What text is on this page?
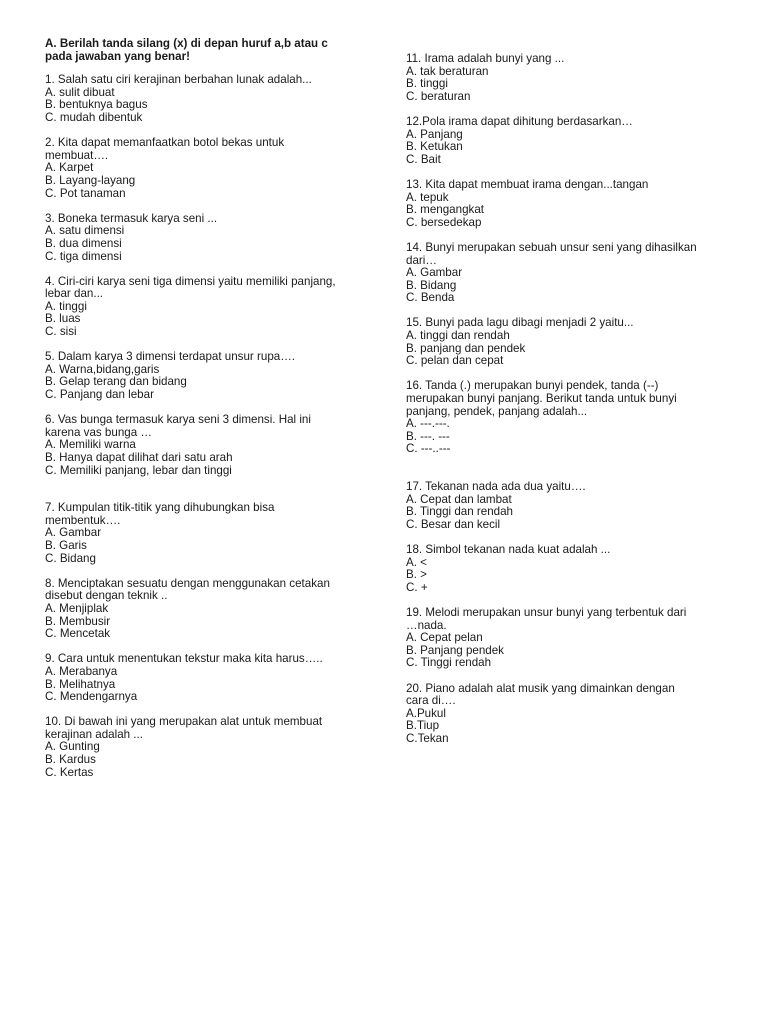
A. Berilah tanda silang (x) di depan huruf a,b atau c
pada jawaban yang benar!
1. Salah satu ciri kerajinan berbahan lunak adalah...
A. sulit dibuat
B. bentuknya bagus
C. mudah dibentuk
2. Kita dapat memanfaatkan botol bekas untuk
membuat….
A. Karpet
B. Layang-layang
C. Pot tanaman
3. Boneka termasuk karya seni ...
A. satu dimensi
B. dua dimensi
C. tiga dimensi
4. Ciri-ciri karya seni tiga dimensi yaitu memiliki panjang,
lebar dan...
A. tinggi
B. luas
C. sisi
5. Dalam karya 3 dimensi terdapat unsur rupa….
A. Warna,bidang,garis
B. Gelap terang dan bidang
C. Panjang dan lebar
6. Vas bunga termasuk karya seni 3 dimensi. Hal ini
karena vas bunga …
A. Memiliki warna
B. Hanya dapat dilihat dari satu arah
C. Memiliki panjang, lebar dan tinggi
7. Kumpulan titik-titik yang dihubungkan bisa
membentuk….
A. Gambar
B. Garis
C. Bidang
8. Menciptakan sesuatu dengan menggunakan cetakan
disebut dengan teknik ..
A. Menjiplak
B. Membusir
C. Mencetak
9. Cara untuk menentukan tekstur maka kita harus…..
A. Merabanya
B. Melihatnya
C. Mendengarnya
10. Di bawah ini yang merupakan alat untuk membuat
kerajinan adalah ...
A. Gunting
B. Kardus
C. Kertas
11. Irama adalah bunyi yang ...
A. tak beraturan
B. tinggi
C. beraturan
12.Pola irama dapat dihitung berdasarkan…
A. Panjang
B. Ketukan
C. Bait
13. Kita dapat membuat irama dengan...tangan
A. tepuk
B. mengangkat
C. bersedekap
14. Bunyi merupakan sebuah unsur seni yang dihasilkan
dari…
A. Gambar
B. Bidang
C. Benda
15. Bunyi pada lagu dibagi menjadi 2 yaitu...
A. tinggi dan rendah
B. panjang dan pendek
C. pelan dan cepat
16. Tanda (.) merupakan bunyi pendek, tanda (--)
merupakan bunyi panjang. Berikut tanda untuk bunyi
panjang, pendek, panjang adalah...
A. ---.---.
B. ---. ---
C. ---..---
17. Tekanan nada ada dua yaitu….
A. Cepat dan lambat
B. Tinggi dan rendah
C. Besar dan kecil
18. Simbol tekanan nada kuat adalah ...
A. <
B. >
C. +
19. Melodi merupakan unsur bunyi yang terbentuk dari
…nada.
A. Cepat pelan
B. Panjang pendek
C. Tinggi rendah
20. Piano adalah alat musik yang dimainkan dengan
cara di….
A.Pukul
B.Tiup
C.Tekan
